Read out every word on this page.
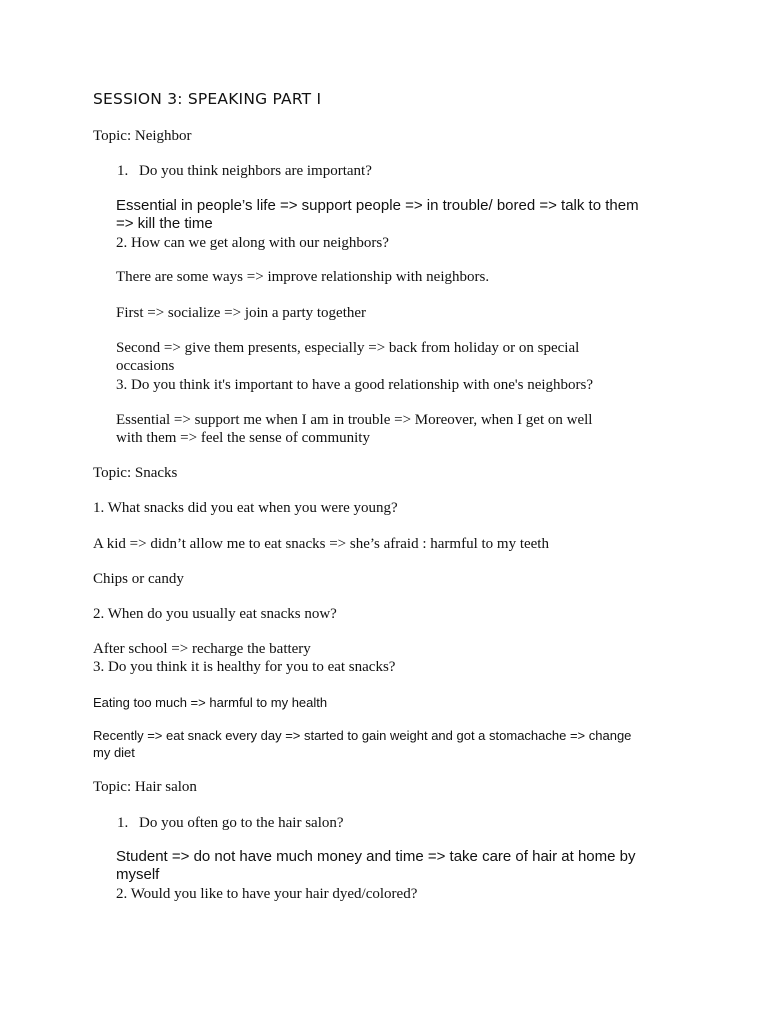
SESSION 3: SPEAKING PART I

Topic: Neighbor

1. Do you think neighbors are important?

Essential in people’s life => support people => in trouble/ bored => talk to them

=> kill the time

2. How can we get along with our neighbors?

There are some ways => improve relationship with neighbors.

First => socialize => join a party together

Second => give them presents, especially => back from holiday or on special

occasions

3. Do you think it's important to have a good relationship with one's neighbors?

Essential => support me when I am in trouble => Moreover, when I get on well

with them => feel the sense of community

Topic: Snacks

1. What snacks did you eat when you were young?

A kid => didn’t allow me to eat snacks => she’s afraid : harmful to my teeth

Chips or candy

2. When do you usually eat snacks now?

After school => recharge the battery

3. Do you think it is healthy for you to eat snacks?

Eating too much => harmful to my health

Recently => eat snack every day => started to gain weight and got a stomachache => change

my diet

Topic: Hair salon

1. Do you often go to the hair salon?

Student => do not have much money and time => take care of hair at home by

myself

2. Would you like to have your hair dyed/colored?
